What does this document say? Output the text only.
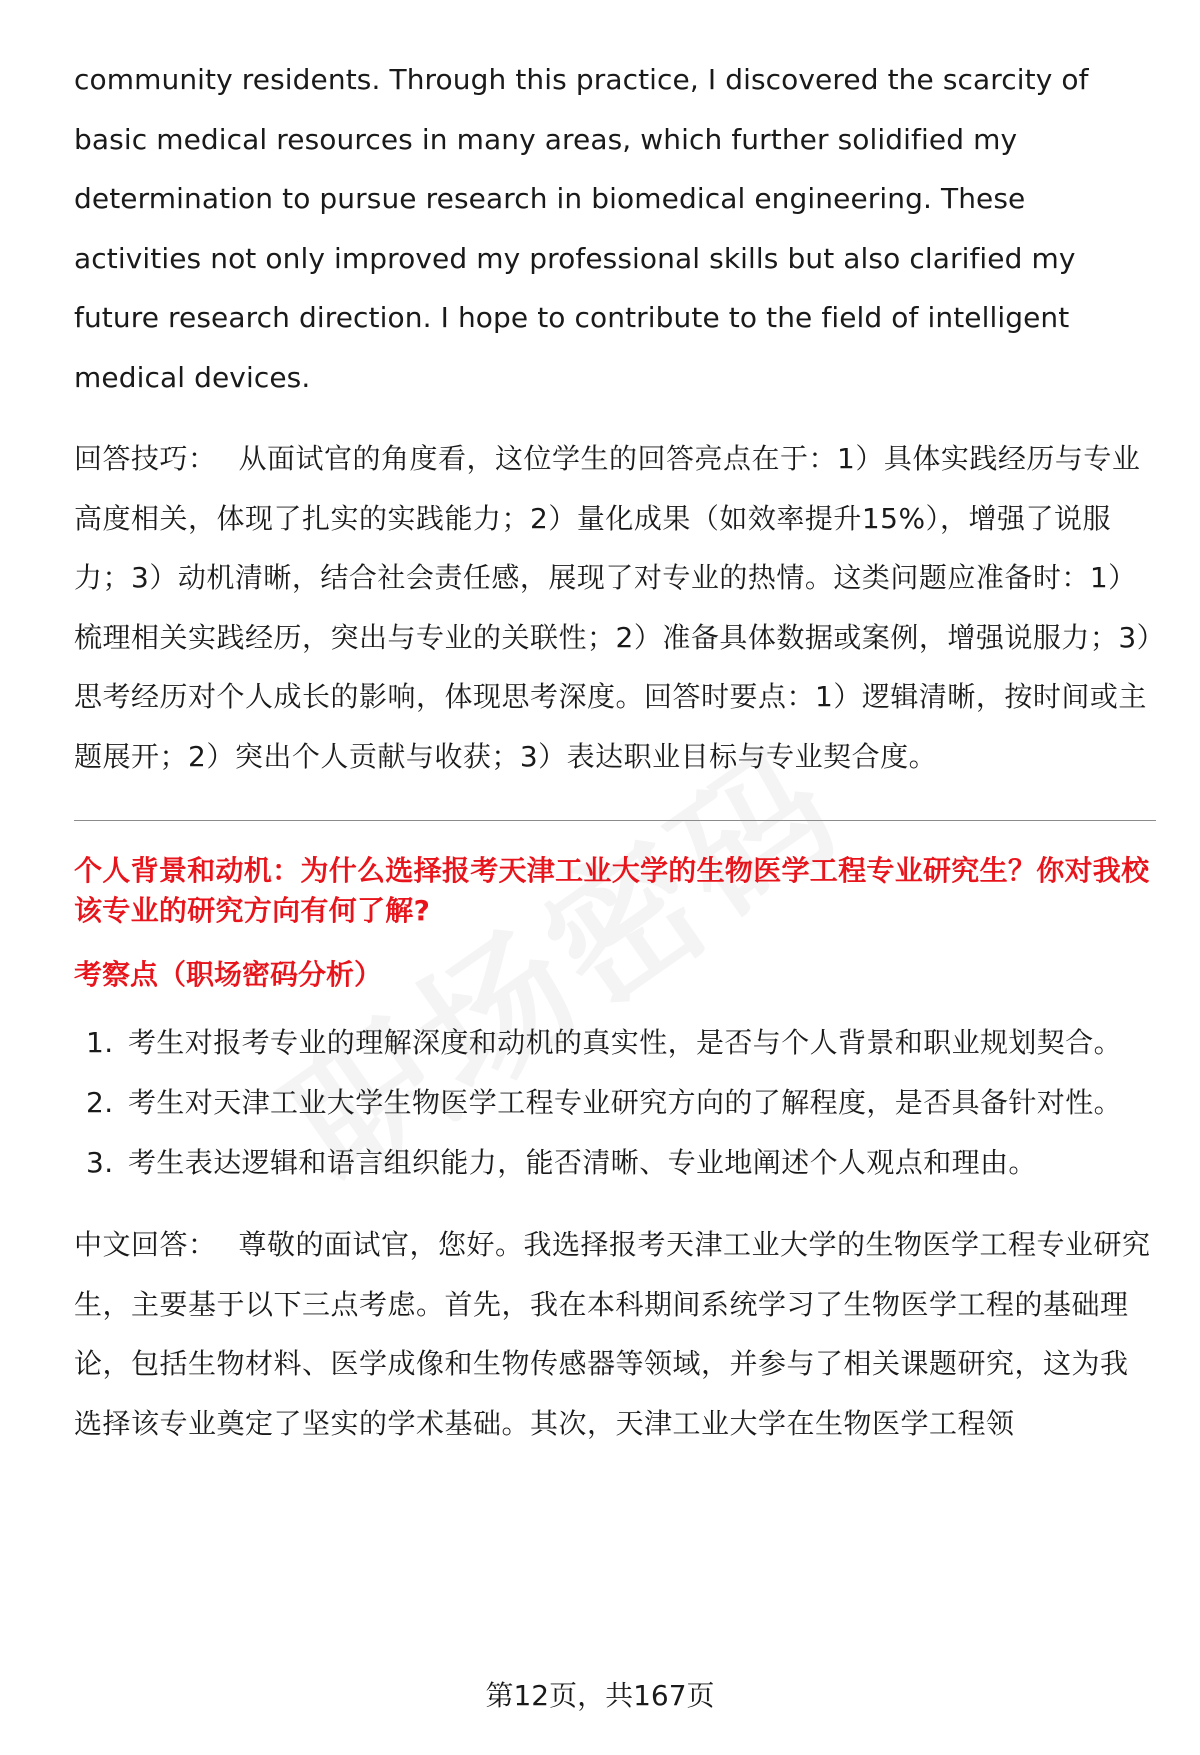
community residents. Through this practice, I discovered the scarcity of basic medical resources in many areas, which further solidified my determination to pursue research in biomedical engineering. These activities not only improved my professional skills but also clarified my future research direction. I hope to contribute to the field of intelligent medical devices.

回答技巧： 从面试官的角度看，这位学生的回答亮点在于：1）具体实践经历与专业高度相关，体现了扎实的实践能力；2）量化成果（如效率提升15%），增强了说服力；3）动机清晰，结合社会责任感，展现了对专业的热情。这类问题应准备时：1）梳理相关实践经历，突出与专业的关联性；2）准备具体数据或案例，增强说服力；3）思考经历对个人成长的影响，体现思考深度。回答时要点：1）逻辑清晰，按时间或主题展开；2）突出个人贡献与收获；3）表达职业目标与专业契合度。

个人背景和动机：为什么选择报考天津工业大学的生物医学工程专业研究生？你对我校该专业的研究方向有何了解?

考察点（职场密码分析）

1. 考生对报考专业的理解深度和动机的真实性，是否与个人背景和职业规划契合。
2. 考生对天津工业大学生物医学工程专业研究方向的了解程度，是否具备针对性。
3. 考生表达逻辑和语言组织能力，能否清晰、专业地阐述个人观点和理由。

中文回答： 尊敬的面试官，您好。我选择报考天津工业大学的生物医学工程专业研究生，主要基于以下三点考虑。首先，我在本科期间系统学习了生物医学工程的基础理论，包括生物材料、医学成像和生物传感器等领域，并参与了相关课题研究，这为我选择该专业奠定了坚实的学术基础。其次，天津工业大学在生物医学工程领

第12页，共167页
